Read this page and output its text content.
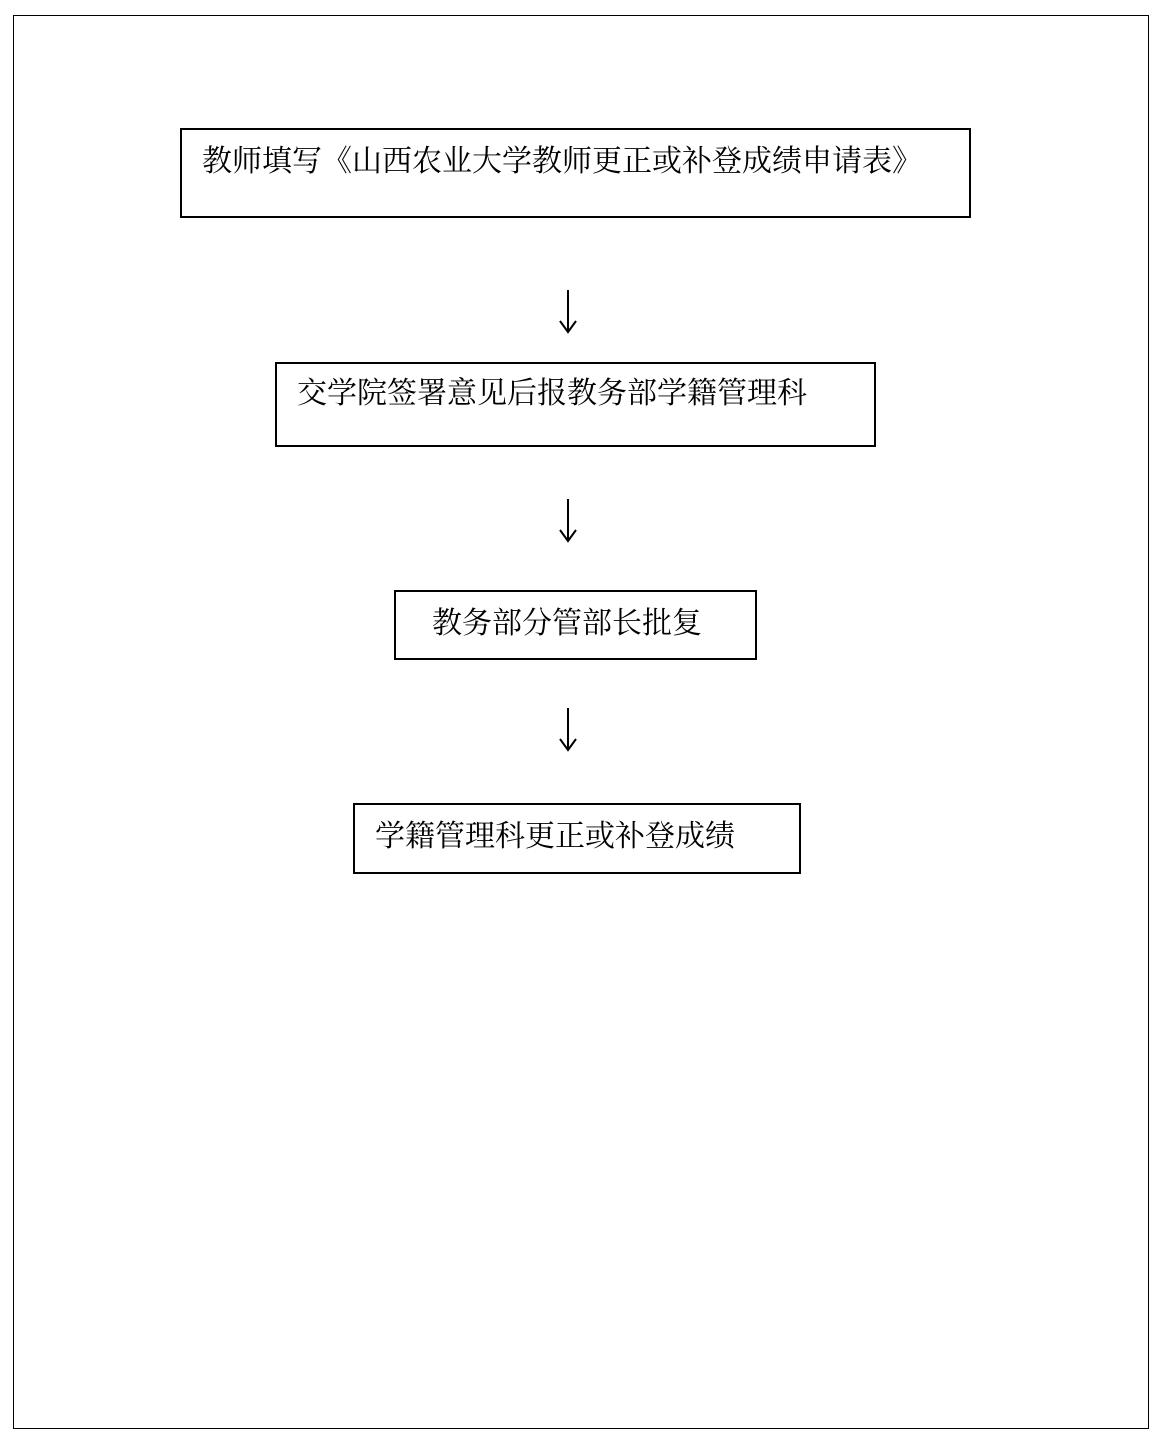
教师填写《山西农业大学教师更正或补登成绩申请表》
交学院签署意见后报教务部学籍管理科
教务部分管部长批复
学籍管理科更正或补登成绩
